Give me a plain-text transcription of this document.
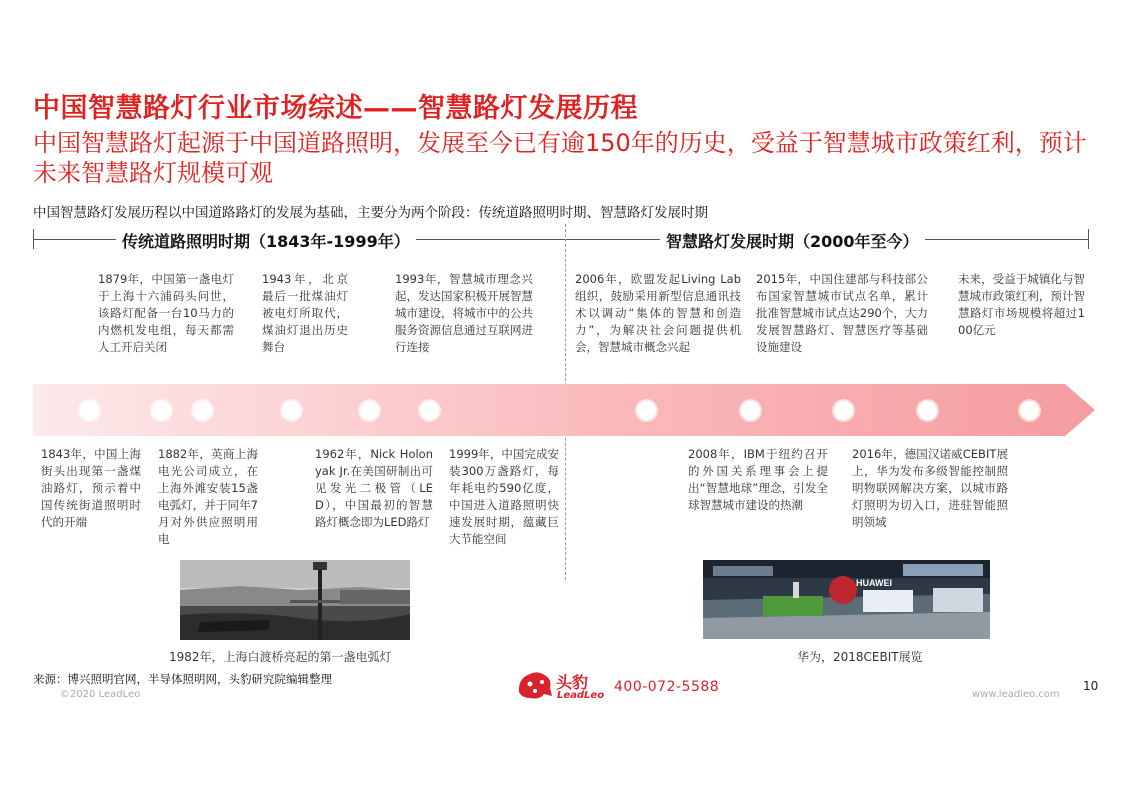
中国智慧路灯行业市场综述——智慧路灯发展历程
中国智慧路灯起源于中国道路照明，发展至今已有逾150年的历史，受益于智慧城市政策红利，预计未来智慧路灯规模可观
中国智慧路灯发展历程以中国道路路灯的发展为基础，主要分为两个阶段：传统道路照明时期、智慧路灯发展时期
传统道路照明时期（1843年-1999年）	智慧路灯发展时期（2000年至今）
1879年，中国第一盏电灯于上海十六浦码头问世，该路灯配备一台10马力的内燃机发电组，每天都需人工开启关闭
1943年，北京最后一批煤油灯被电灯所取代，煤油灯退出历史舞台
1993年，智慧城市理念兴起，发达国家积极开展智慧城市建设，将城市中的公共服务资源信息通过互联网进行连接
2006年，欧盟发起Living Lab组织，鼓励采用新型信息通讯技术以调动“集体的智慧和创造力”，为解决社会问题提供机会，智慧城市概念兴起
2015年，中国住建部与科技部公布国家智慧城市试点名单，累计批准智慧城市试点达290个，大力发展智慧路灯、智慧医疗等基础设施建设
未来，受益于城镇化与智慧城市政策红利，预计智慧路灯市场规模将超过100亿元
1843年，中国上海街头出现第一盏煤油路灯，预示着中国传统街道照明时代的开端
1882年，英商上海电光公司成立，在上海外滩安装15盏电弧灯，并于同年7月对外供应照明用电
1962年，Nick Holonyak Jr.在美国研制出可见发光二极管（LED），中国最初的智慧路灯概念即为LED路灯
1999年，中国完成安装300万盏路灯，每年耗电约590亿度，中国进入道路照明快速发展时期，蕴藏巨大节能空间
2008年，IBM于纽约召开的外国关系理事会上提出“智慧地球”理念，引发全球智慧城市建设的热潮
2016年，德国汉诺威CEBIT展上，华为发布多级智能控制照明物联网解决方案，以城市路灯照明为切入口，进驻智能照明领域
1982年，上海白渡桥亮起的第一盏电弧灯
HUAWEI
华为，2018CEBIT展览
来源：博兴照明官网，半导体照明网，头豹研究院编辑整理
©2020 LeadLeo
头豹
LeadLeo
400-072-5588	www.leadleo.com
10
